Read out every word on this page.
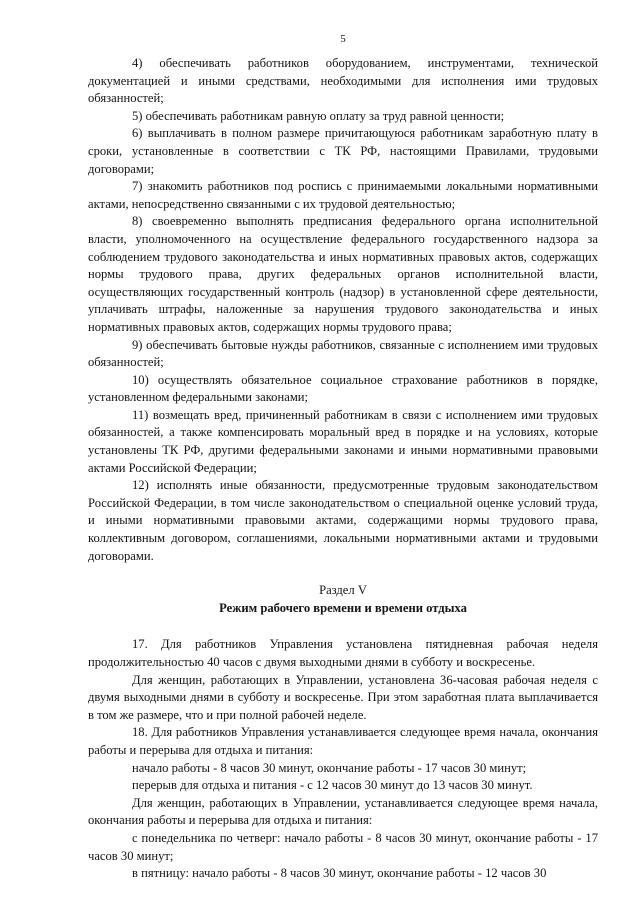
5

4) обеспечивать работников оборудованием, инструментами, технической документацией и иными средствами, необходимыми для исполнения ими трудовых обязанностей;

5) обеспечивать работникам равную оплату за труд равной ценности;

6) выплачивать в полном размере причитающуюся работникам заработную плату в сроки, установленные в соответствии с ТК РФ, настоящими Правилами, трудовыми договорами;

7) знакомить работников под роспись с принимаемыми локальными нормативными актами, непосредственно связанными с их трудовой деятельностью;

8) своевременно выполнять предписания федерального органа исполнительной власти, уполномоченного на осуществление федерального государственного надзора за соблюдением трудового законодательства и иных нормативных правовых актов, содержащих нормы трудового права, других федеральных органов исполнительной власти, осуществляющих государственный контроль (надзор) в установленной сфере деятельности, уплачивать штрафы, наложенные за нарушения трудового законодательства и иных нормативных правовых актов, содержащих нормы трудового права;

9) обеспечивать бытовые нужды работников, связанные с исполнением ими трудовых обязанностей;

10) осуществлять обязательное социальное страхование работников в порядке, установленном федеральными законами;

11) возмещать вред, причиненный работникам в связи с исполнением ими трудовых обязанностей, а также компенсировать моральный вред в порядке и на условиях, которые установлены ТК РФ, другими федеральными законами и иными нормативными правовыми актами Российской Федерации;

12) исполнять иные обязанности, предусмотренные трудовым законодательством Российской Федерации, в том числе законодательством о специальной оценке условий труда, и иными нормативными правовыми актами, содержащими нормы трудового права, коллективным договором, соглашениями, локальными нормативными актами и трудовыми договорами.

Раздел V
Режим рабочего времени и времени отдыха

17. Для работников Управления установлена пятидневная рабочая неделя продолжительностью 40 часов с двумя выходными днями в субботу и воскресенье.

Для женщин, работающих в Управлении, установлена 36-часовая рабочая неделя с двумя выходными днями в субботу и воскресенье. При этом заработная плата выплачивается в том же размере, что и при полной рабочей неделе.

18. Для работников Управления устанавливается следующее время начала, окончания работы и перерыва для отдыха и питания:

начало работы - 8 часов 30 минут, окончание работы - 17 часов 30 минут;

перерыв для отдыха и питания - с 12 часов 30 минут до 13 часов 30 минут.

Для женщин, работающих в Управлении, устанавливается следующее время начала, окончания работы и перерыва для отдыха и питания:

с понедельника по четверг: начало работы - 8 часов 30 минут, окончание работы - 17 часов 30 минут;

в пятницу: начало работы - 8 часов 30 минут, окончание работы - 12 часов 30
